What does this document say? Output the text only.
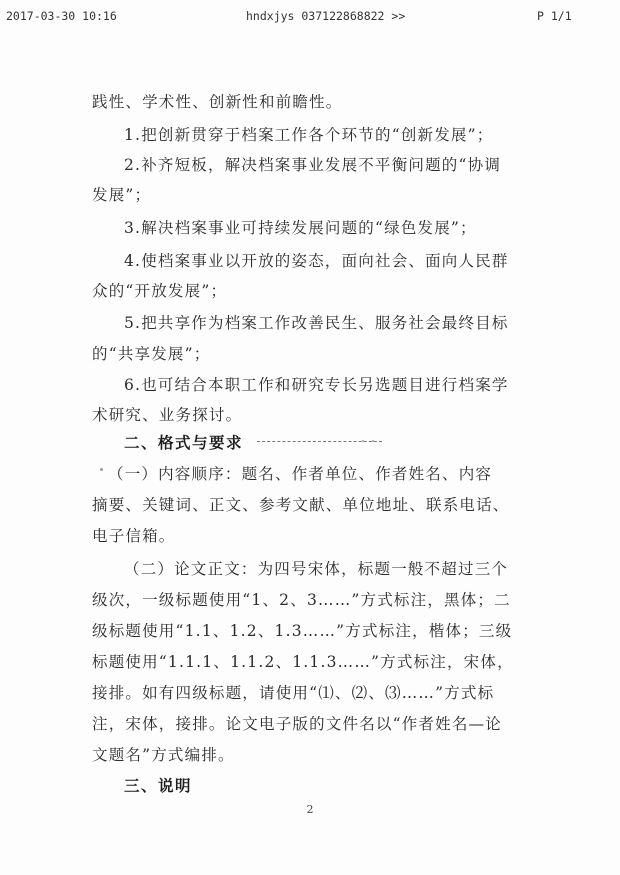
2017-03-30 10:16	hndxjys 037122868822 >>	P 1/1
践性、学术性、创新性和前瞻性。
1.把创新贯穿于档案工作各个环节的“创新发展”；
2.补齐短板，解决档案事业发展不平衡问题的“协调
发展”；
3.解决档案事业可持续发展问题的“绿色发展”；
4.使档案事业以开放的姿态，面向社会、面向人民群
众的“开放发展”；
5.把共享作为档案工作改善民生、服务社会最终目标
的“共享发展”；
6.也可结合本职工作和研究专长另选题目进行档案学
术研究、业务探讨。
二、格式与要求
（一）内容顺序：题名、作者单位、作者姓名、内容
摘要、关键词、正文、参考文献、单位地址、联系电话、
电子信箱。
（二）论文正文：为四号宋体，标题一般不超过三个
级次，一级标题使用“1、2、3……”方式标注，黑体；二
级标题使用“1.1、1.2、1.3……”方式标注，楷体；三级
标题使用“1.1.1、1.1.2、1.1.3……”方式标注，宋体，
接排。如有四级标题，请使用“⑴、⑵、⑶……”方式标
注，宋体，接排。论文电子版的文件名以“作者姓名—论
文题名”方式编排。
三、说明
2
